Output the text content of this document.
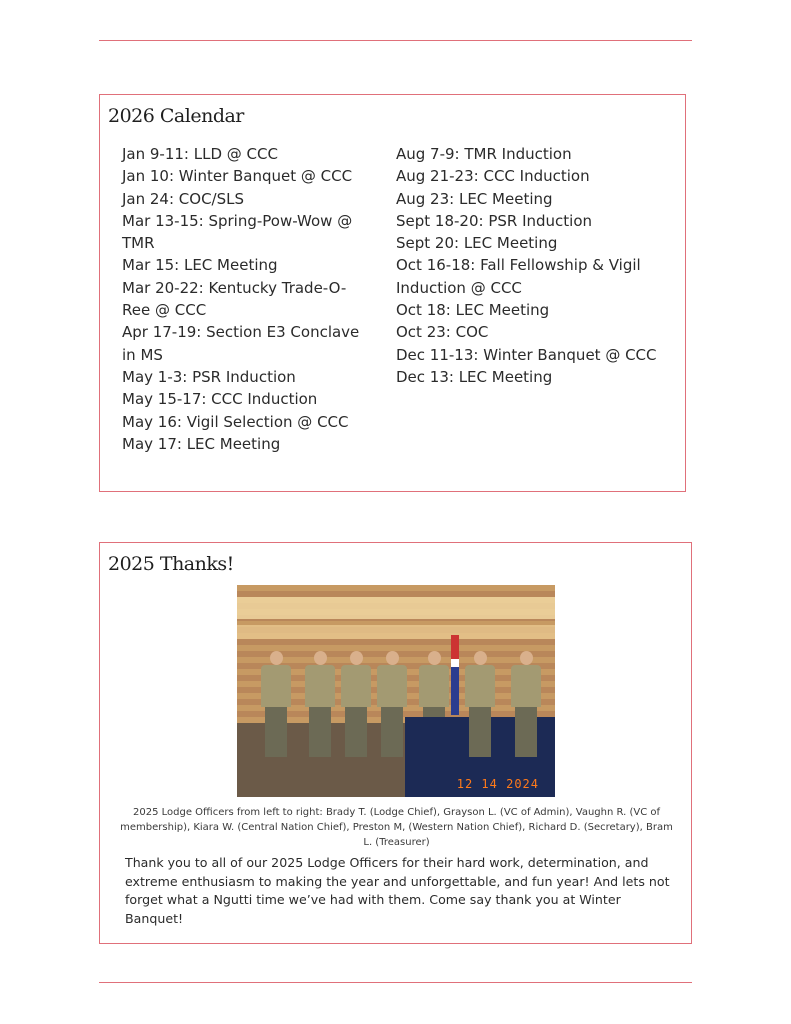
2026 Calendar
Jan 9-11: LLD @ CCC
Jan 10: Winter Banquet @ CCC
Jan 24: COC/SLS
Mar 13-15: Spring-Pow-Wow @ TMR
Mar 15: LEC Meeting
Mar 20-22: Kentucky Trade-O-Ree @ CCC
Apr 17-19: Section E3 Conclave in MS
May 1-3: PSR Induction
May 15-17: CCC Induction
May 16: Vigil Selection @ CCC
May 17: LEC Meeting
Aug 7-9: TMR Induction
Aug 21-23: CCC Induction
Aug 23: LEC Meeting
Sept 18-20: PSR Induction
Sept 20: LEC Meeting
Oct 16-18: Fall Fellowship & Vigil Induction @ CCC
Oct 18: LEC Meeting
Oct 23: COC
Dec 11-13: Winter Banquet @ CCC
Dec 13: LEC Meeting
2025 Thanks!
12 14 2024

2025 Lodge Officers from left to right: Brady T. (Lodge Chief), Grayson L. (VC of Admin), Vaughn R. (VC of membership), Kiara W. (Central Nation Chief), Preston M, (Western Nation Chief), Richard D. (Secretary), Bram L. (Treasurer)

Thank you to all of our 2025 Lodge Officers for their hard work, determination, and extreme enthusiasm to making the year and unforgettable, and fun year! And lets not forget what a Ngutti time we’ve had with them. Come say thank you at Winter Banquet!
